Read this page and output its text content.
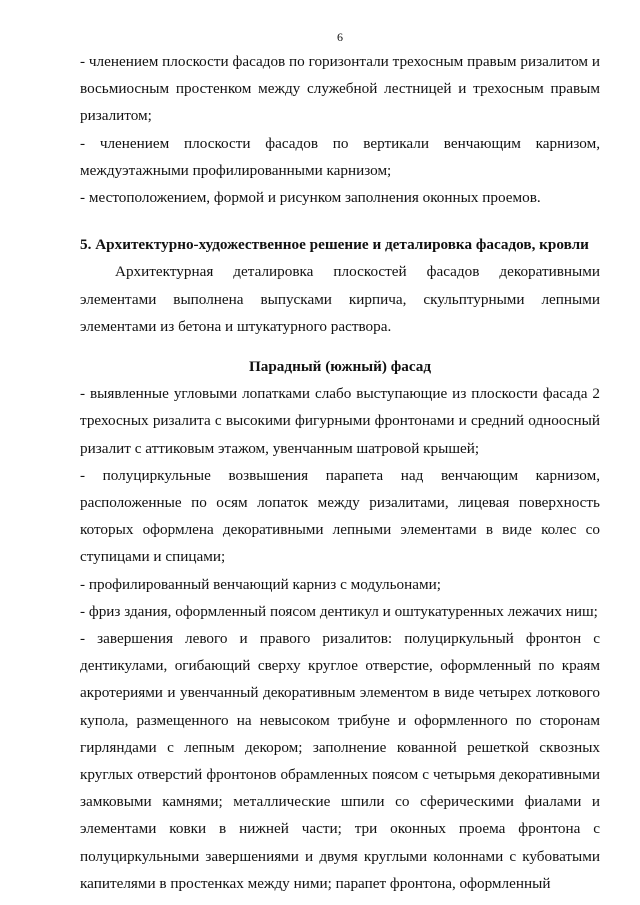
6

- членением плоскости фасадов по горизонтали трехосным правым ризалитом и восьмиосным простенком между служебной лестницей и трехосным правым ризалитом;

- членением плоскости фасадов по вертикали венчающим карнизом, междуэтажными профилированными карнизом;

- местоположением, формой и рисунком заполнения оконных проемов.

5. Архитектурно-художественное решение и деталировка фасадов, кровли

Архитектурная деталировка плоскостей фасадов декоративными элементами выполнена выпусками кирпича, скульптурными лепными элементами из бетона и штукатурного раствора.

Парадный (южный) фасад

- выявленные угловыми лопатками слабо выступающие из плоскости фасада 2 трехосных ризалита с высокими фигурными фронтонами и средний одноосный ризалит с аттиковым этажом, увенчанным шатровой крышей;

- полуциркульные возвышения парапета над венчающим карнизом, расположенные по осям лопаток между ризалитами, лицевая поверхность которых оформлена декоративными лепными элементами в виде колес со ступицами и спицами;

- профилированный венчающий карниз с модульонами;

- фриз здания, оформленный поясом дентикул и оштукатуренных лежачих ниш;

- завершения левого и правого ризалитов: полуциркульный фронтон с дентикулами, огибающий сверху круглое отверстие, оформленный по краям акротериями и увенчанный декоративным элементом в виде четырех лоткового купола, размещенного на невысоком трибуне и оформленного по сторонам гирляндами с лепным декором; заполнение кованной решеткой сквозных круглых отверстий фронтонов обрамленных поясом с четырьмя декоративными замковыми камнями; металлические шпили со сферическими фиалами и элементами ковки в нижней части; три оконных проема фронтона с полуциркульными завершениями и двумя круглыми колоннами с кубоватыми капителями в простенках между ними; парапет фронтона, оформленный
